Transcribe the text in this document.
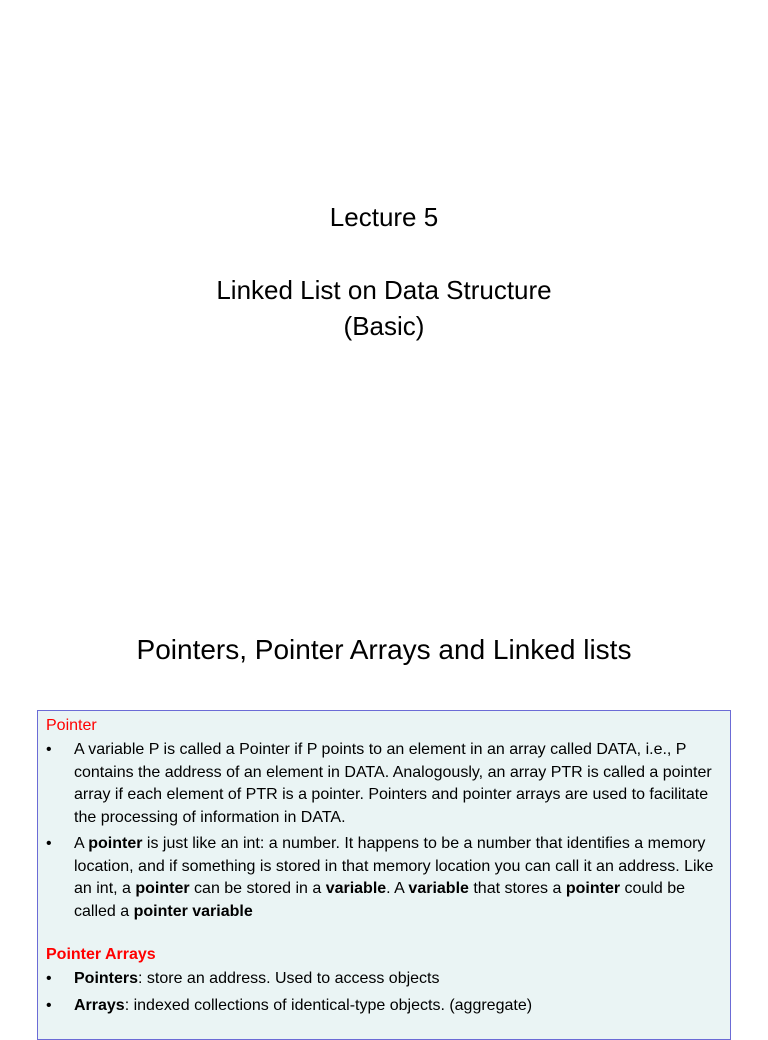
Lecture 5
Linked List on Data Structure
(Basic)
Pointers, Pointer Arrays and Linked lists
Pointer
•	A variable P is called a Pointer if P points to an element in an array called DATA, i.e., P contains the address of an element in DATA. Analogously, an array PTR is called a pointer array if each element of PTR is a pointer. Pointers and pointer arrays are used to facilitate the processing of information in DATA.
•	A pointer is just like an int: a number. It happens to be a number that identifies a memory location, and if something is stored in that memory location you can call it an address. Like an int, a pointer can be stored in a variable. A variable that stores a pointer could be called a pointer variable
Pointer Arrays
•	Pointers: store an address. Used to access objects
•	Arrays: indexed collections of identical-type objects. (aggregate)
